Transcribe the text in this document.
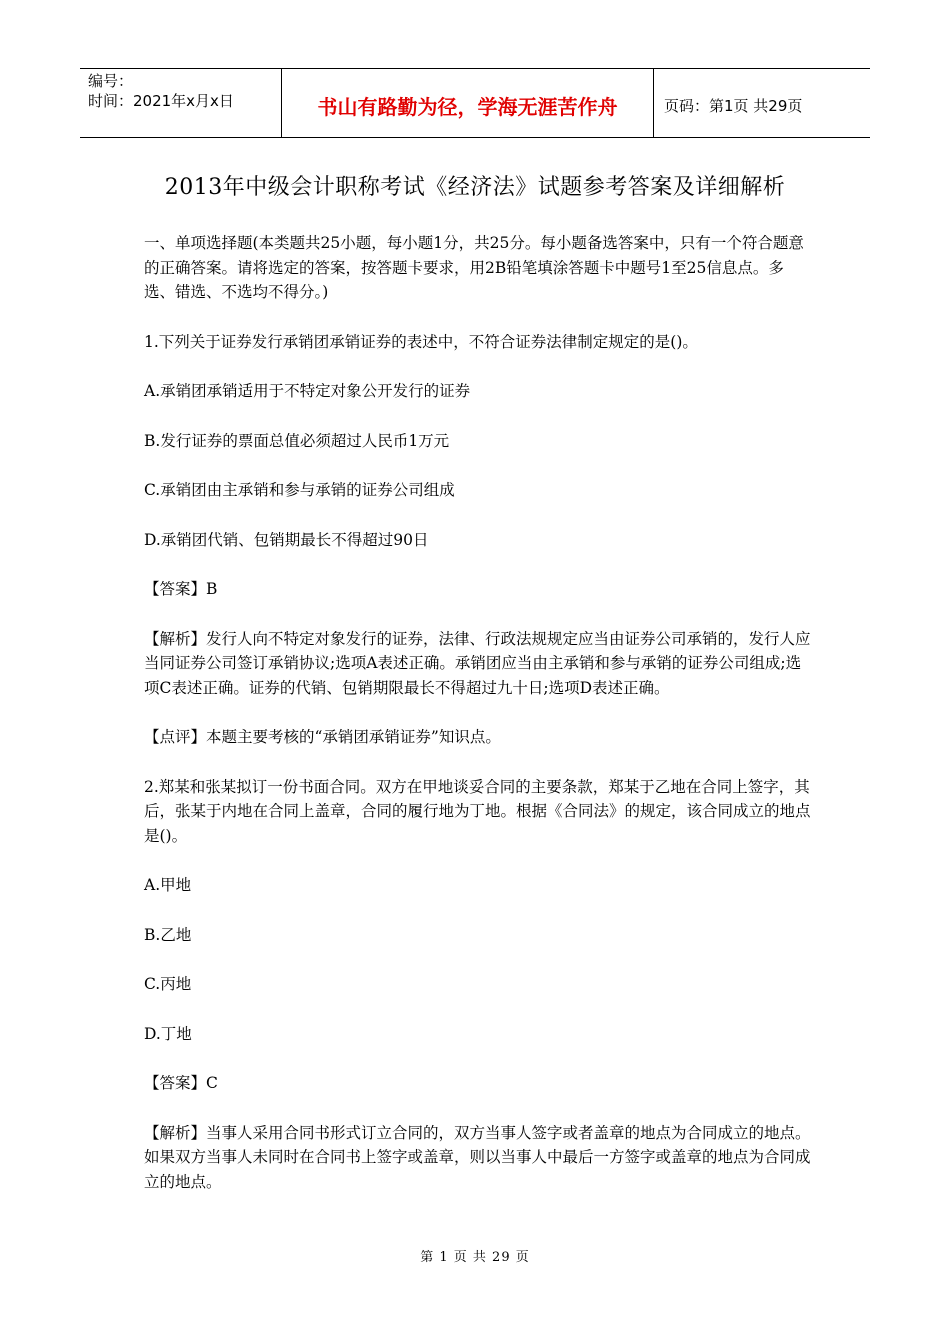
编号：
时间：2021年x月x日	书山有路勤为径，学海无涯苦作舟	页码：第1页 共29页
2013年中级会计职称考试《经济法》试题参考答案及详细解析

一、单项选择题(本类题共25小题，每小题1分，共25分。每小题备选答案中，只有一个符合题意的正确答案。请将选定的答案，按答题卡要求，用2B铅笔填涂答题卡中题号1至25信息点。多选、错选、不选均不得分。)

1.下列关于证券发行承销团承销证券的表述中，不符合证券法律制定规定的是()。

A.承销团承销适用于不特定对象公开发行的证券

B.发行证券的票面总值必须超过人民币1万元

C.承销团由主承销和参与承销的证券公司组成

D.承销团代销、包销期最长不得超过90日

【答案】B

【解析】发行人向不特定对象发行的证券，法律、行政法规规定应当由证券公司承销的，发行人应当同证券公司签订承销协议;选项A表述正确。承销团应当由主承销和参与承销的证券公司组成;选项C表述正确。证券的代销、包销期限最长不得超过九十日;选项D表述正确。

【点评】本题主要考核的“承销团承销证券”知识点。

2.郑某和张某拟订一份书面合同。双方在甲地谈妥合同的主要条款，郑某于乙地在合同上签字，其后，张某于内地在合同上盖章，合同的履行地为丁地。根据《合同法》的规定，该合同成立的地点是()。

A.甲地

B.乙地

C.丙地

D.丁地

【答案】C

【解析】当事人采用合同书形式订立合同的，双方当事人签字或者盖章的地点为合同成立的地点。如果双方当事人未同时在合同书上签字或盖章，则以当事人中最后一方签字或盖章的地点为合同成立的地点。

第 1 页 共 29 页
